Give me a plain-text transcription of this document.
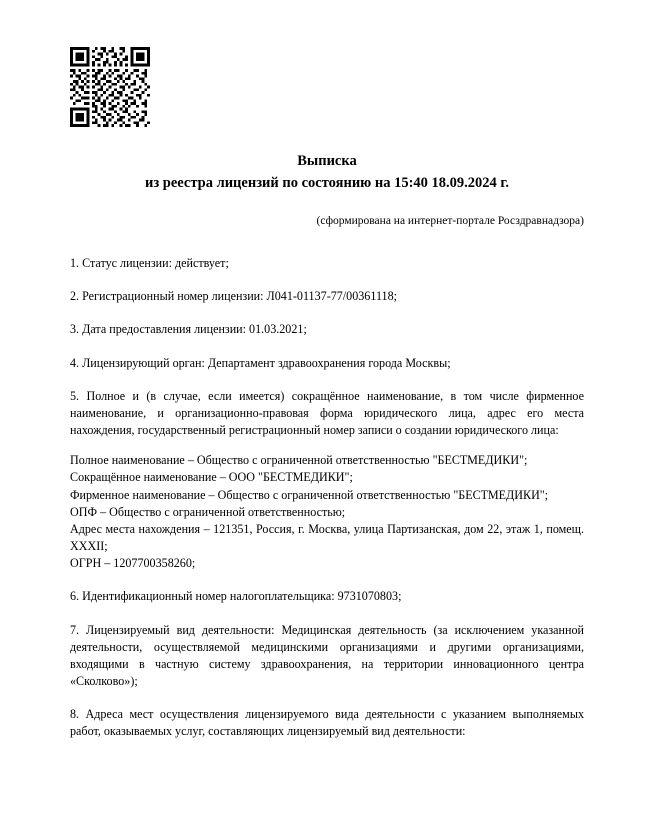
Выписка
из реестра лицензий по состоянию на 15:40 18.09.2024 г.
(сформирована на интернет-портале Росздравнадзора)

1. Статус лицензии: действует;

2. Регистрационный номер лицензии: Л041-01137-77/00361118;

3. Дата предоставления лицензии: 01.03.2021;

4. Лицензирующий орган: Департамент здравоохранения города Москвы;

5. Полное и (в случае, если имеется) сокращённое наименование, в том числе фирменное наименование, и организационно-правовая форма юридического лица, адрес его места нахождения, государственный регистрационный номер записи о создании юридического лица:

Полное наименование – Общество с ограниченной ответственностью "БЕСТМЕДИКИ";

Сокращённое наименование – ООО "БЕСТМЕДИКИ";

Фирменное наименование – Общество с ограниченной ответственностью "БЕСТМЕДИКИ";

ОПФ – Общество с ограниченной ответственностью;

Адрес места нахождения – 121351, Россия, г. Москва, улица Партизанская, дом 22, этаж 1, помещ. XXXII;

ОГРН – 1207700358260;

6. Идентификационный номер налогоплательщика: 9731070803;

7. Лицензируемый вид деятельности: Медицинская деятельность (за исключением указанной деятельности, осуществляемой медицинскими организациями и другими организациями, входящими в частную систему здравоохранения, на территории инновационного центра «Сколково»);

8. Адреса мест осуществления лицензируемого вида деятельности с указанием выполняемых работ, оказываемых услуг, составляющих лицензируемый вид деятельности:
